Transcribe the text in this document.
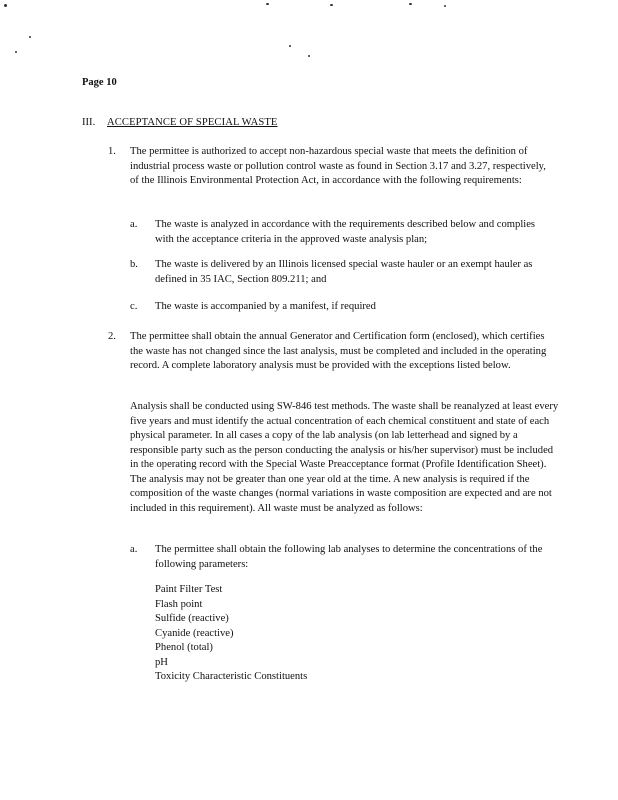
Page 10
III. ACCEPTANCE OF SPECIAL WASTE
1.	The permittee is authorized to accept non-hazardous special waste that meets the definition of industrial process waste or pollution control waste as found in Section 3.17 and 3.27, respectively, of the Illinois Environmental Protection Act, in accordance with the following requirements:
a.	The waste is analyzed in accordance with the requirements described below and complies with the acceptance criteria in the approved waste analysis plan;
b.	The waste is delivered by an Illinois licensed special waste hauler or an exempt hauler as defined in 35 IAC, Section 809.211; and
c.	The waste is accompanied by a manifest, if required
2.	The permittee shall obtain the annual Generator and Certification form (enclosed), which certifies the waste has not changed since the last analysis, must be completed and included in the operating record. A complete laboratory analysis must be provided with the exceptions listed below.
Analysis shall be conducted using SW-846 test methods. The waste shall be reanalyzed at least every five years and must identify the actual concentration of each chemical constituent and state of each physical parameter. In all cases a copy of the lab analysis (on lab letterhead and signed by a responsible party such as the person conducting the analysis or his/her supervisor) must be included in the operating record with the Special Waste Preacceptance format (Profile Identification Sheet). The analysis may not be greater than one year old at the time. A new analysis is required if the composition of the waste changes (normal variations in waste composition are expected and are not included in this requirement). All waste must be analyzed as follows:
a.	The permittee shall obtain the following lab analyses to determine the concentrations of the following parameters:
Paint Filter Test
Flash point
Sulfide (reactive)
Cyanide (reactive)
Phenol (total)
pH
Toxicity Characteristic Constituents
